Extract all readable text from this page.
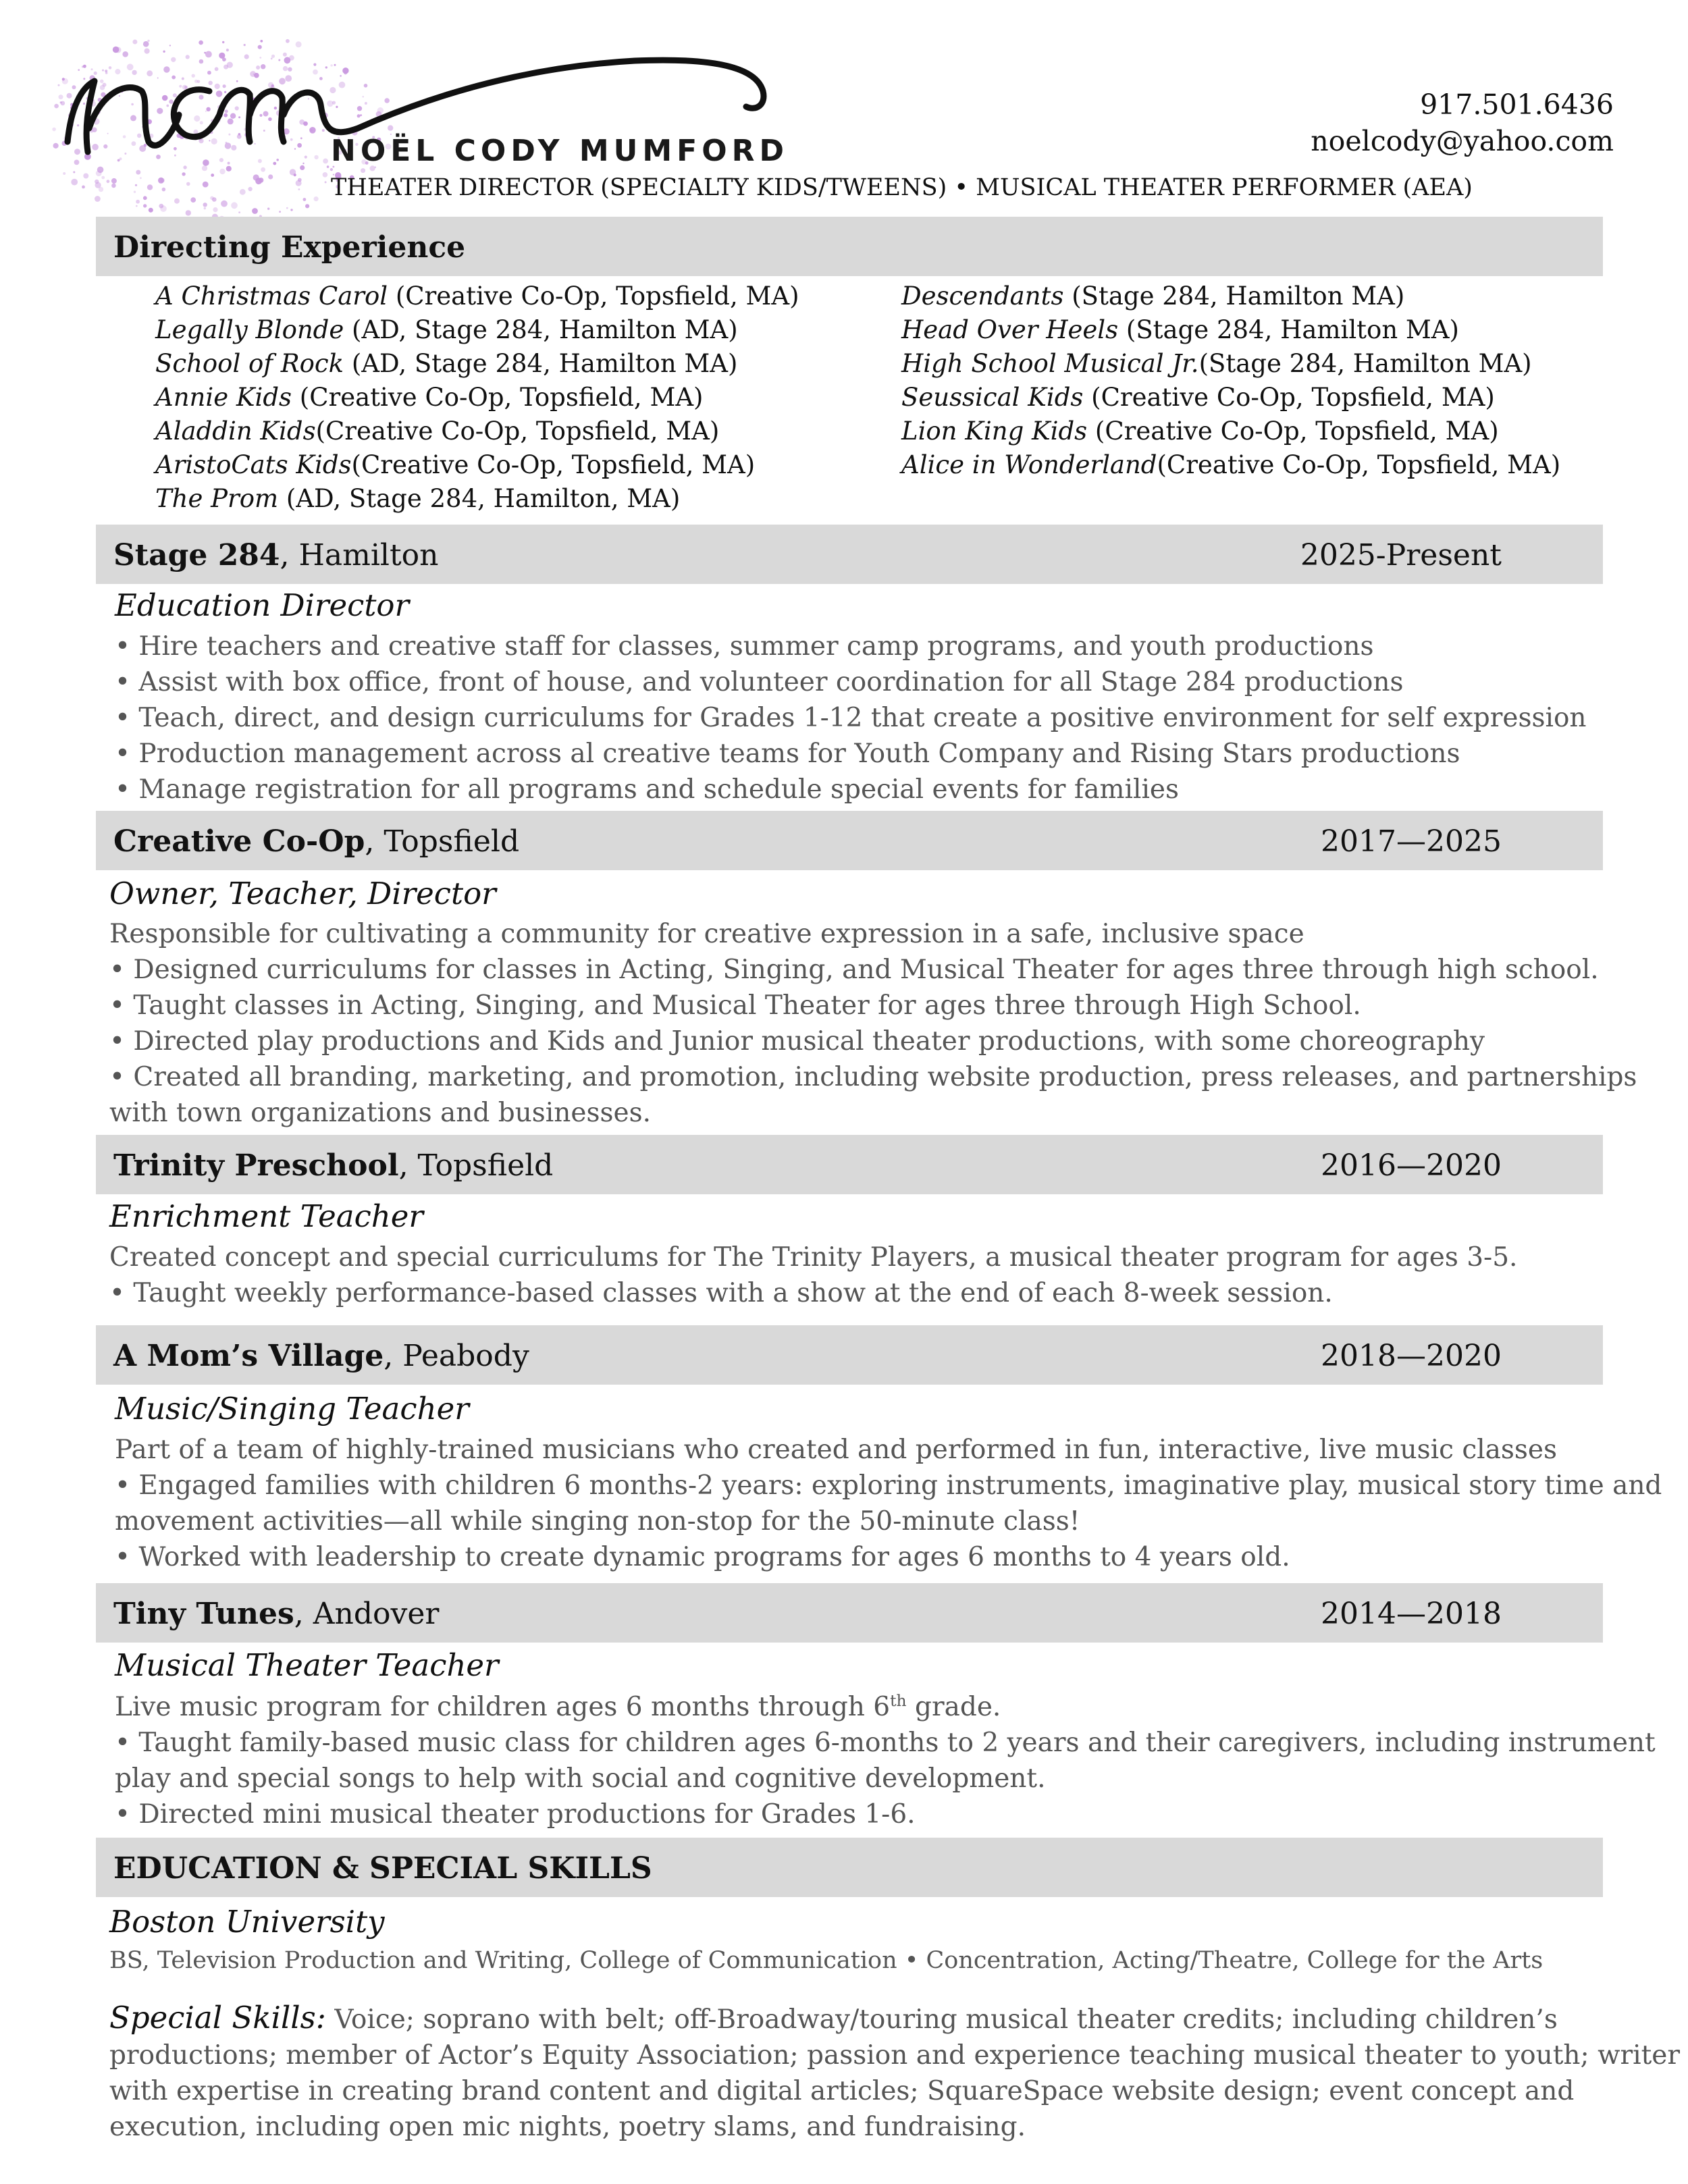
NOËL CODY MUMFORD
THEATER DIRECTOR (SPECIALTY KIDS/TWEENS) • MUSICAL THEATER PERFORMER (AEA)
917.501.6436
noelcody@yahoo.com
Directing Experience
A Christmas Carol (Creative Co-Op, Topsfield, MA)
Legally Blonde (AD, Stage 284, Hamilton MA)
School of Rock (AD, Stage 284, Hamilton MA)
Annie Kids (Creative Co-Op, Topsfield, MA)
Aladdin Kids(Creative Co-Op, Topsfield, MA)
AristoCats Kids(Creative Co-Op, Topsfield, MA)
The Prom (AD, Stage 284, Hamilton, MA)
Descendants (Stage 284, Hamilton MA)
Head Over Heels (Stage 284, Hamilton MA)
High School Musical Jr.(Stage 284, Hamilton MA)
Seussical Kids (Creative Co-Op, Topsfield, MA)
Lion King Kids (Creative Co-Op, Topsfield, MA)
Alice in Wonderland(Creative Co-Op, Topsfield, MA)
Stage 284, Hamilton	2025-Present
Education Director
• Hire teachers and creative staff for classes, summer camp programs, and youth productions
• Assist with box office, front of house, and volunteer coordination for all Stage 284 productions
• Teach, direct, and design curriculums for Grades 1-12 that create a positive environment for self expression
• Production management across al creative teams for Youth Company and Rising Stars productions
• Manage registration for all programs and schedule special events for families
Creative Co-Op, Topsfield	2017—2025
Owner, Teacher, Director
Responsible for cultivating a community for creative expression in a safe, inclusive space
• Designed curriculums for classes in Acting, Singing, and Musical Theater for ages three through high school.
• Taught classes in Acting, Singing, and Musical Theater for ages three through High School.
• Directed play productions and Kids and Junior musical theater productions, with some choreography
• Created all branding, marketing, and promotion, including website production, press releases, and partnerships
with town organizations and businesses.
Trinity Preschool, Topsfield	2016—2020
Enrichment Teacher
Created concept and special curriculums for The Trinity Players, a musical theater program for ages 3-5.
• Taught weekly performance-based classes with a show at the end of each 8-week session.
A Mom’s Village, Peabody	2018—2020
Music/Singing Teacher
Part of a team of highly-trained musicians who created and performed in fun, interactive, live music classes
• Engaged families with children 6 months-2 years: exploring instruments, imaginative play, musical story time and
movement activities—all while singing non-stop for the 50-minute class!
• Worked with leadership to create dynamic programs for ages 6 months to 4 years old.
Tiny Tunes, Andover	2014—2018
Musical Theater Teacher
Live music program for children ages 6 months through 6th grade.
• Taught family-based music class for children ages 6-months to 2 years and their caregivers, including instrument
play and special songs to help with social and cognitive development.
• Directed mini musical theater productions for Grades 1-6.
EDUCATION & SPECIAL SKILLS
Boston University
BS, Television Production and Writing, College of Communication • Concentration, Acting/Theatre, College for the Arts
Special Skills: Voice; soprano with belt; off-Broadway/touring musical theater credits; including children’s
productions; member of Actor’s Equity Association; passion and experience teaching musical theater to youth; writer
with expertise in creating brand content and digital articles; SquareSpace website design; event concept and
execution, including open mic nights, poetry slams, and fundraising.
